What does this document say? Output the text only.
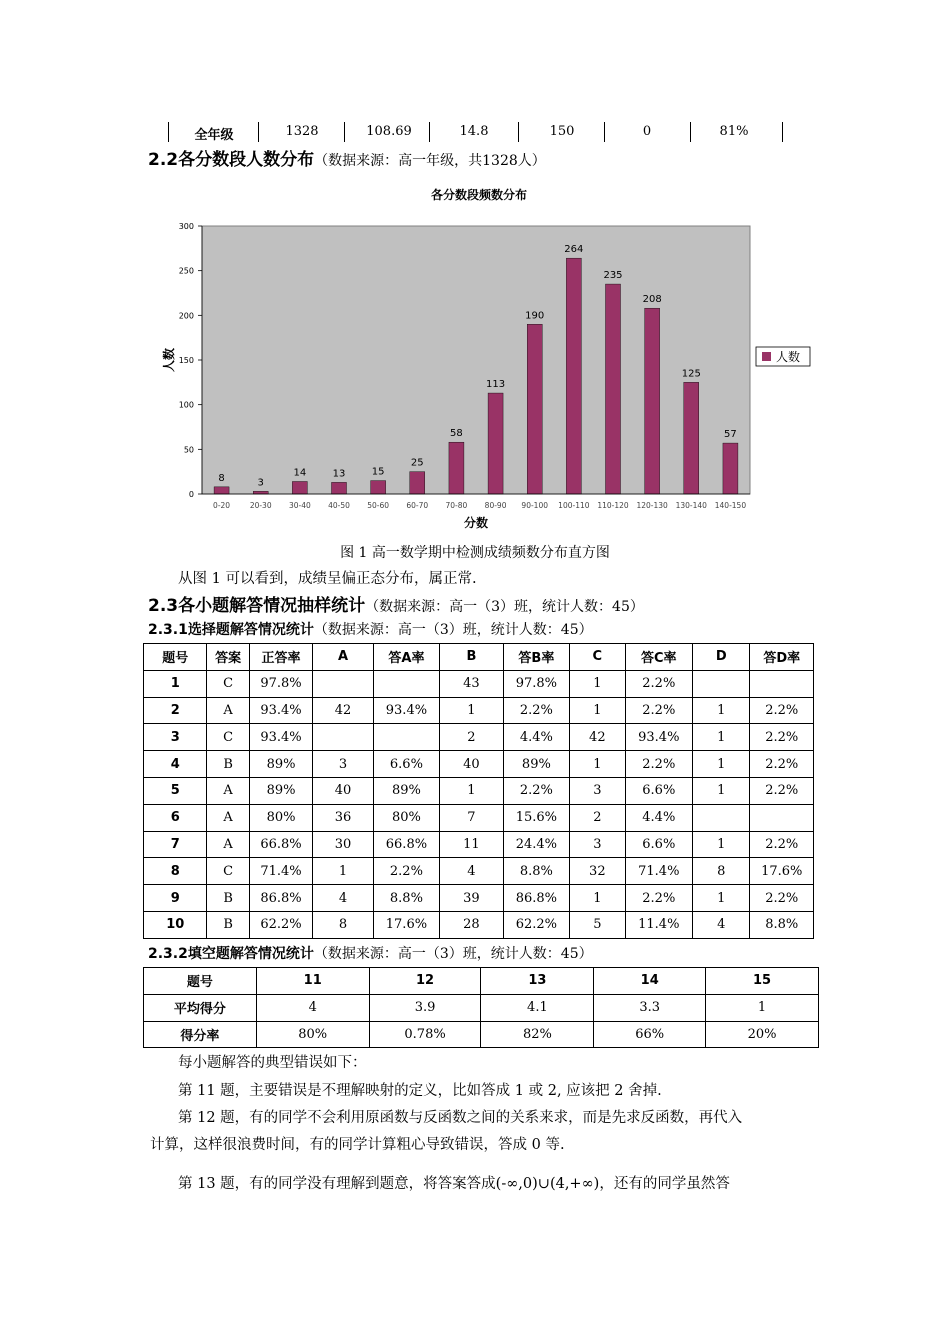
全年级	1328	108.69	14.8	150	0	81%
2.2各分数段人数分布（数据来源：高一年级，共1328人）
各分数段频数分布
0
50
100
150
200
250
300
8	3
14	13	15
25
58
113
190
264
235
208
125
57
0-20	20-30 30-40 40-50 50-60 60-70 70-80 80-90 90-100 100-110 110-120 120-130 130-140 140-150
人数
分数
人数
图 1 高一数学期中检测成绩频数分布直方图
从图 1 可以看到，成绩呈偏正态分布，属正常.
2.3各小题解答情况抽样统计（数据来源：高一（3）班，统计人数：45）
2.3.1选择题解答情况统计（数据来源：高一（3）班，统计人数：45）
题号	答案	正答率	A	答A率	B	答B率	C	答C率	D	答D率
1	C	97.8%			43	97.8%	1	2.2%		
2	A	93.4%	42	93.4%	1	2.2%	1	2.2%	1	2.2%
3	C	93.4%			2	4.4%	42	93.4%	1	2.2%
4	B	89%	3	6.6%	40	89%	1	2.2%	1	2.2%
5	A	89%	40	89%	1	2.2%	3	6.6%	1	2.2%
6	A	80%	36	80%	7	15.6%	2	4.4%		
7	A	66.8%	30	66.8%	11	24.4%	3	6.6%	1	2.2%
8	C	71.4%	1	2.2%	4	8.8%	32	71.4%	8	17.6%
9	B	86.8%	4	8.8%	39	86.8%	1	2.2%	1	2.2%
10	B	62.2%	8	17.6%	28	62.2%	5	11.4%	4	8.8%
2.3.2填空题解答情况统计（数据来源：高一（3）班，统计人数：45）
题号	11	12	13	14	15
平均得分	4	3.9	4.1	3.3	1
得分率	80%	0.78%	82%	66%	20%
每小题解答的典型错误如下：
第 11 题，主要错误是不理解映射的定义，比如答成 1 或 2, 应该把 2 舍掉.
第 12 题，有的同学不会利用原函数与反函数之间的关系来求，而是先求反函数，再代入
计算，这样很浪费时间，有的同学计算粗心导致错误，答成 0 等.
第 13 题，有的同学没有理解到题意，将答案答成(-∞,0)∪(4,+∞)，还有的同学虽然答
